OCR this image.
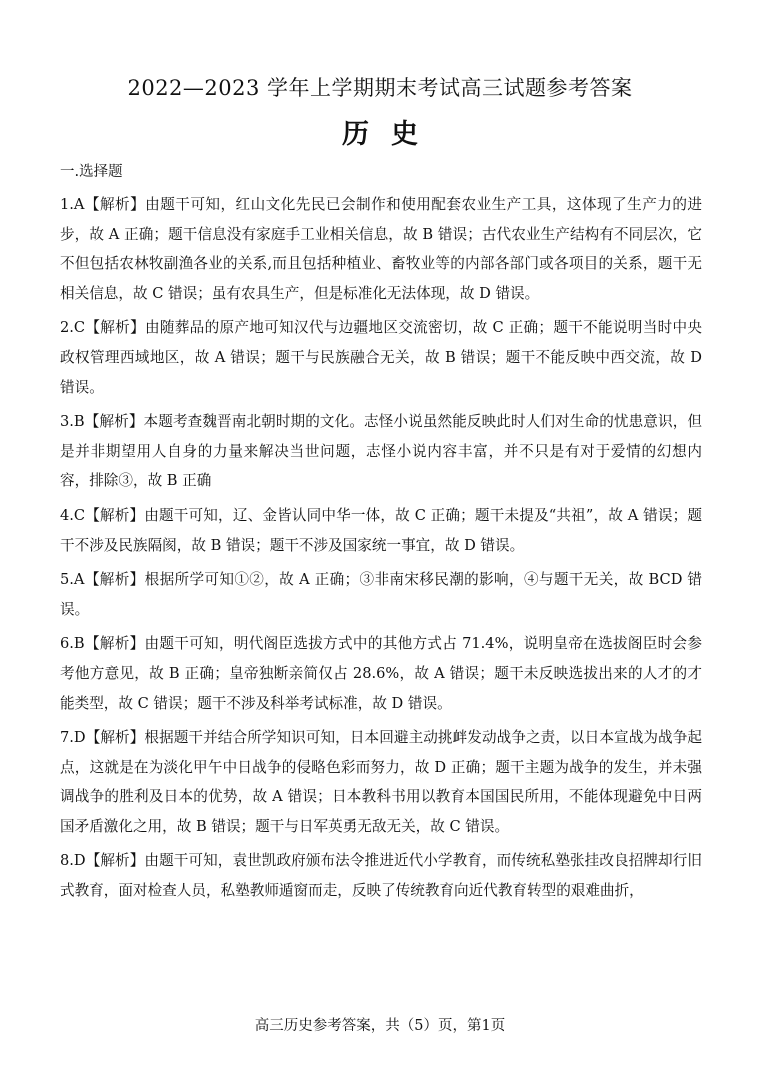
2022—2023 学年上学期期末考试高三试题参考答案
历史

一.选择题

1.A【解析】由题干可知，红山文化先民已会制作和使用配套农业生产工具，这体现了生产力的进步，故 A 正确；题干信息没有家庭手工业相关信息，故 B 错误；古代农业生产结构有不同层次，它不但包括农林牧副渔各业的关系,而且包括种植业、畜牧业等的内部各部门或各项目的关系，题干无相关信息，故 C 错误；虽有农具生产，但是标准化无法体现，故 D 错误。

2.C【解析】由随葬品的原产地可知汉代与边疆地区交流密切，故 C 正确；题干不能说明当时中央政权管理西域地区，故 A 错误；题干与民族融合无关，故 B 错误；题干不能反映中西交流，故 D 错误。

3.B【解析】本题考查魏晋南北朝时期的文化。志怪小说虽然能反映此时人们对生命的忧患意识，但是并非期望用人自身的力量来解决当世问题，志怪小说内容丰富，并不只是有对于爱情的幻想内容，排除③，故 B 正确

4.C【解析】由题干可知，辽、金皆认同中华一体，故 C 正确；题干未提及“共祖”，故 A 错误；题干不涉及民族隔阂，故 B 错误；题干不涉及国家统一事宜，故 D 错误。

5.A【解析】根据所学可知①②，故 A 正确；③非南宋移民潮的影响，④与题干无关，故 BCD 错误。

6.B【解析】由题干可知，明代阁臣选拔方式中的其他方式占 71.4%，说明皇帝在选拔阁臣时会参考他方意见，故 B 正确；皇帝独断亲简仅占 28.6%，故 A 错误；题干未反映选拔出来的人才的才能类型，故 C 错误；题干不涉及科举考试标准，故 D 错误。

7.D【解析】根据题干并结合所学知识可知，日本回避主动挑衅发动战争之责，以日本宣战为战争起点，这就是在为淡化甲午中日战争的侵略色彩而努力，故 D 正确；题干主题为战争的发生，并未强调战争的胜利及日本的优势，故 A 错误；日本教科书用以教育本国国民所用，不能体现避免中日两国矛盾激化之用，故 B 错误；题干与日军英勇无敌无关，故 C 错误。

8.D【解析】由题干可知，袁世凯政府颁布法令推进近代小学教育，而传统私塾张挂改良招牌却行旧式教育，面对检查人员，私塾教师遁窗而走，反映了传统教育向近代教育转型的艰难曲折，

高三历史参考答案，共（5）页，第1页
